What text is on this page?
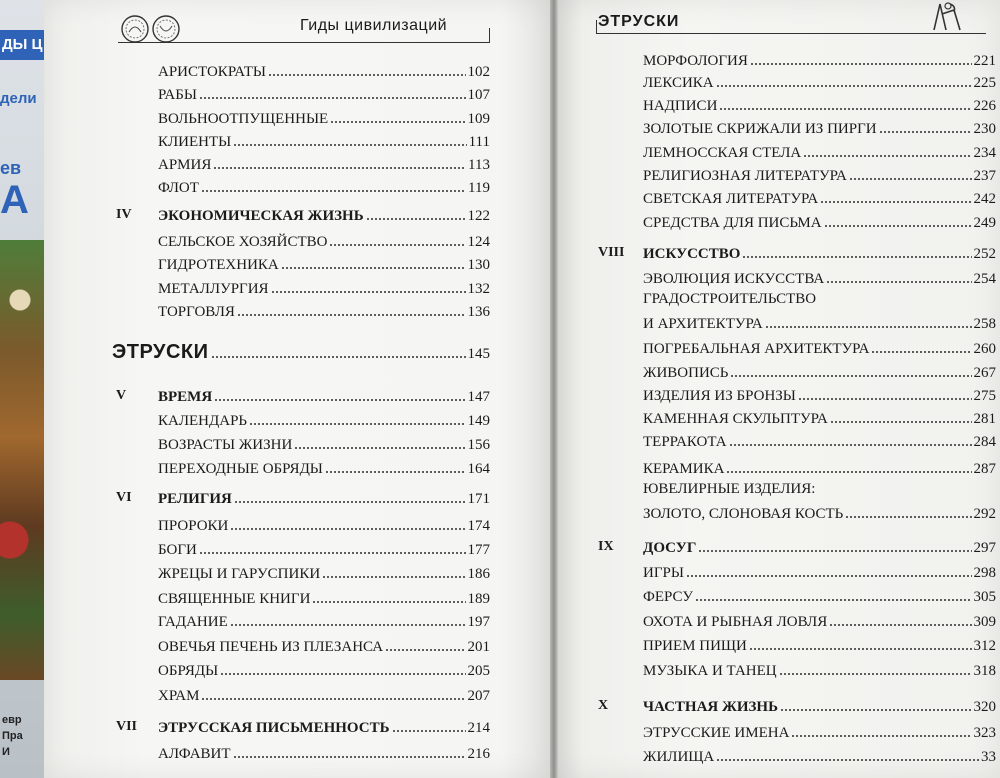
ДЫ Ц
дели
ев
А
евр
Пра
И
Гиды цивилизаций	ЭТРУСКИ
АРИСТОКРАТЫ	102
РАБЫ	107
ВОЛЬНООТПУЩЕННЫЕ	109
КЛИЕНТЫ	111
АРМИЯ	113
ФЛОТ	119
IV ЭКОНОМИЧЕСКАЯ ЖИЗНЬ	122
СЕЛЬСКОЕ ХОЗЯЙСТВО	124
ГИДРОТЕХНИКА	130
МЕТАЛЛУРГИЯ	132
ТОРГОВЛЯ	136
ЭТРУСКИ	145
V ВРЕМЯ	147
КАЛЕНДАРЬ	149
ВОЗРАСТЫ ЖИЗНИ	156
ПЕРЕХОДНЫЕ ОБРЯДЫ	164
VI РЕЛИГИЯ	171
ПРОРОКИ	174
БОГИ	177
ЖРЕЦЫ И ГАРУСПИКИ	186
СВЯЩЕННЫЕ КНИГИ	189
ГАДАНИЕ	197
ОВЕЧЬЯ ПЕЧЕНЬ ИЗ ПЛЕЗАНСА	201
ОБРЯДЫ	205
ХРАМ	207
VII ЭТРУССКАЯ ПИСЬМЕННОСТЬ	214
АЛФАВИТ	216
МОРФОЛОГИЯ	221
ЛЕКСИКА	225
НАДПИСИ	226
ЗОЛОТЫЕ СКРИЖАЛИ ИЗ ПИРГИ	230
ЛЕМНОССКАЯ СТЕЛА	234
РЕЛИГИОЗНАЯ ЛИТЕРАТУРА	237
СВЕТСКАЯ ЛИТЕРАТУРА	242
СРЕДСТВА ДЛЯ ПИСЬМА	249
VIII ИСКУССТВО	252
ЭВОЛЮЦИЯ ИСКУССТВА	254
ГРАДОСТРОИТЕЛЬСТВО
И АРХИТЕКТУРА	258
ПОГРЕБАЛЬНАЯ АРХИТЕКТУРА	260
ЖИВОПИСЬ	267
ИЗДЕЛИЯ ИЗ БРОНЗЫ	275
КАМЕННАЯ СКУЛЬПТУРА	281
ТЕРРАКОТА	284
КЕРАМИКА	287
ЮВЕЛИРНЫЕ ИЗДЕЛИЯ:
ЗОЛОТО, СЛОНОВАЯ КОСТЬ	292
IX ДОСУГ	297
ИГРЫ	298
ФЕРСУ	305
ОХОТА И РЫБНАЯ ЛОВЛЯ	309
ПРИЕМ ПИЩИ	312
МУЗЫКА И ТАНЕЦ	318
X ЧАСТНАЯ ЖИЗНЬ	320
ЭТРУССКИЕ ИМЕНА	323
ЖИЛИЩА	33
